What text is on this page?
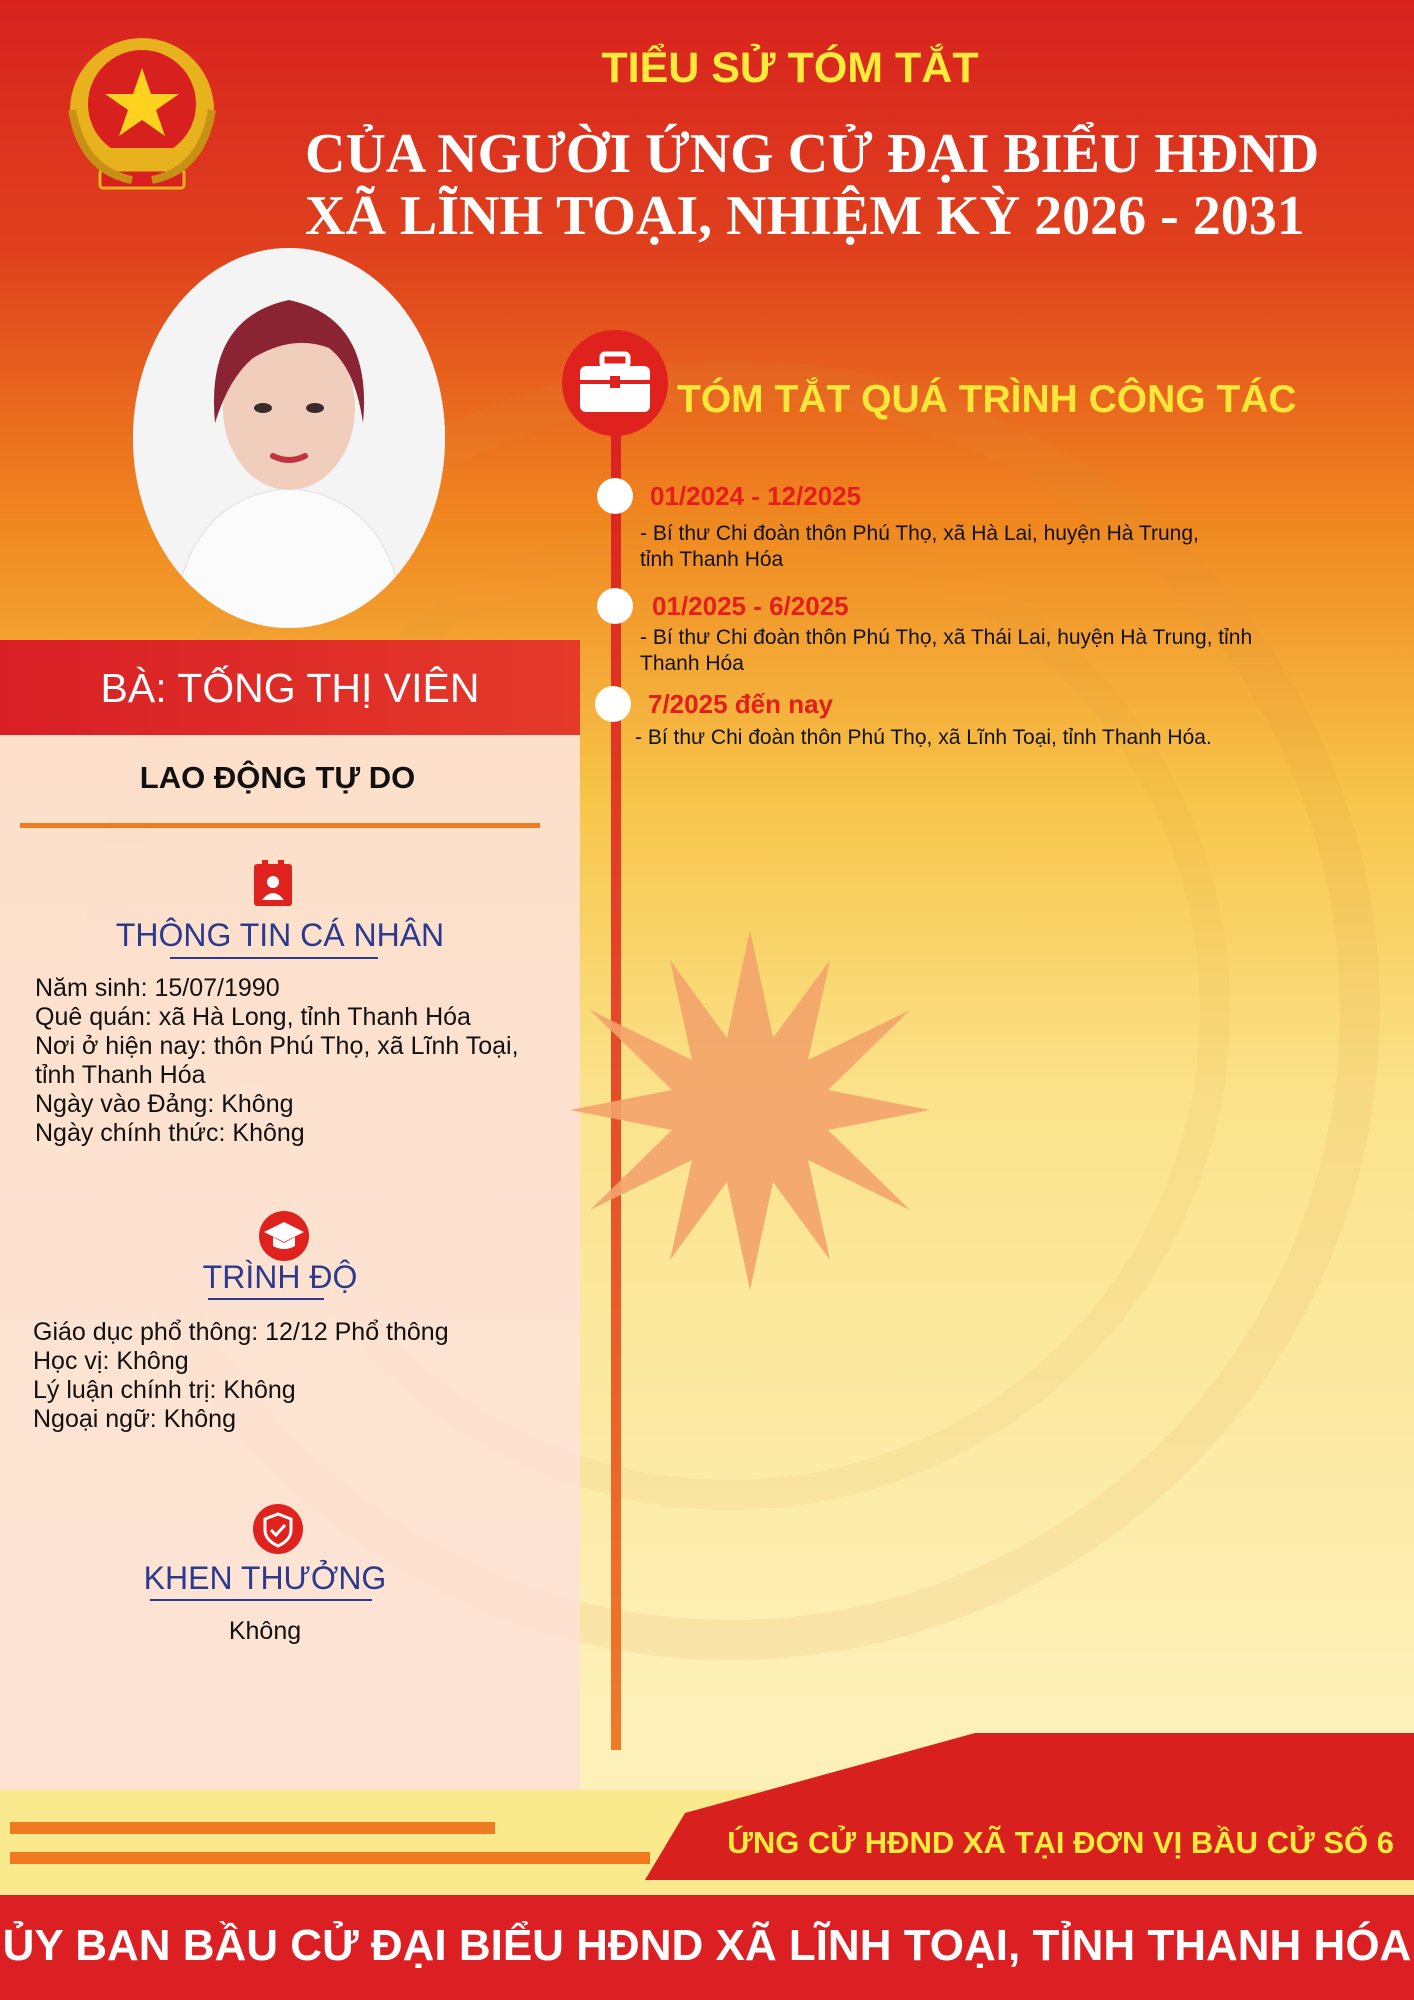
TIỂU SỬ TÓM TẮT
CỦA NGƯỜI ỨNG CỬ ĐẠI BIỂU HĐND
XÃ LĨNH TOẠI, NHIỆM KỲ 2026 - 2031
BÀ: TỐNG THỊ VIÊN
LAO ĐỘNG TỰ DO
THÔNG TIN CÁ NHÂN
Năm sinh: 15/07/1990
Quê quán: xã Hà Long, tỉnh Thanh Hóa
Nơi ở hiện nay: thôn Phú Thọ, xã Lĩnh Toại,
tỉnh Thanh Hóa
Ngày vào Đảng: Không
Ngày chính thức: Không
TRÌNH ĐỘ
Giáo dục phổ thông: 12/12 Phổ thông
Học vị: Không
Lý luận chính trị: Không
Ngoại ngữ: Không
KHEN THƯỞNG
Không
TÓM TẮT QUÁ TRÌNH CÔNG TÁC
01/2024 - 12/2025
- Bí thư Chi đoàn thôn Phú Thọ, xã Hà Lai, huyện Hà Trung,
tỉnh Thanh Hóa
01/2025 - 6/2025
- Bí thư Chi đoàn thôn Phú Thọ, xã Thái Lai, huyện Hà Trung, tỉnh
Thanh Hóa
7/2025 đến nay
- Bí thư Chi đoàn thôn Phú Thọ, xã Lĩnh Toại, tỉnh Thanh Hóa.
ỨNG CỬ HĐND XÃ TẠI ĐƠN VỊ BẦU CỬ SỐ 6
ỦY BAN BẦU CỬ ĐẠI BIỂU HĐND XÃ LĨNH TOẠI, TỈNH THANH HÓA
